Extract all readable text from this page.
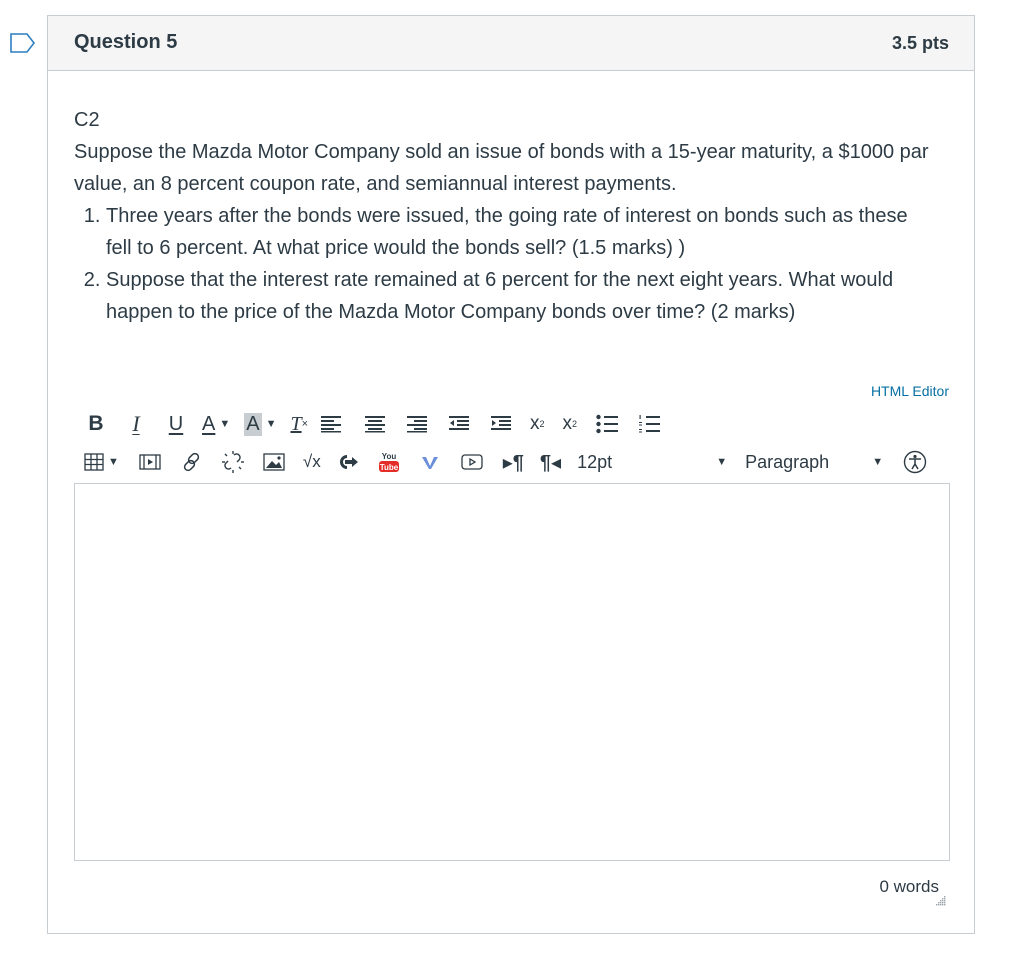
Question 5	3.5 pts

C2

Suppose the Mazda Motor Company sold an issue of bonds with a 15-year maturity, a $1000 par value, an 8 percent coupon rate, and semiannual interest payments.

1. Three years after the bonds were issued, the going rate of interest on bonds such as these fell to 6 percent. At what price would the bonds sell? (1.5 marks) )
2. Suppose that the interest rate remained at 6 percent for the next eight years. What would happen to the price of the Mazda Motor Company bonds over time? (2 marks)
HTML Editor
B	I	U A ▼ A ▼ T ×	x 2 x 2
▼	√x	You
Tube	▸¶ ¶◂ 12pt	▼ Paragraph	▼
0 words
